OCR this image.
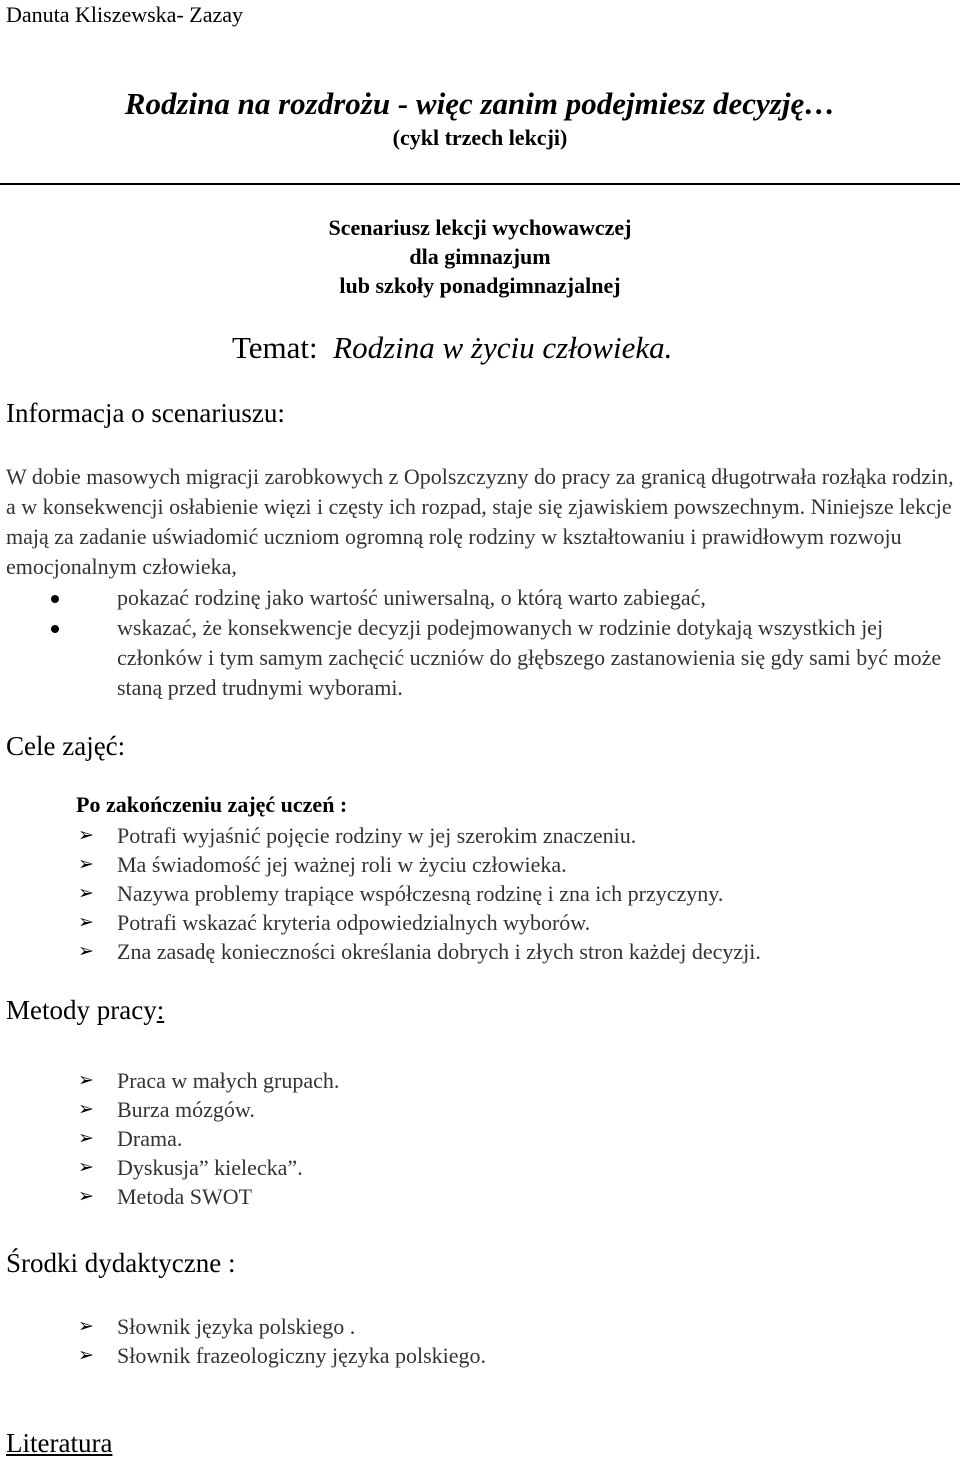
Danuta Kliszewska- Zazay
Rodzina na rozdrożu - więc zanim podejmiesz decyzję…
(cykl trzech lekcji)
Scenariusz lekcji wychowawczej
dla gimnazjum
lub szkoły ponadgimnazjalnej
Temat: Rodzina w życiu człowieka.
Informacja o scenariuszu:
W dobie masowych migracji zarobkowych z Opolszczyzny do pracy za granicą długotrwała rozłąka rodzin, a w konsekwencji osłabienie więzi i częsty ich rozpad, staje się zjawiskiem powszechnym. Niniejsze lekcje mają za zadanie uświadomić uczniom ogromną rolę rodziny w kształtowaniu i prawidłowym rozwoju emocjonalnym człowieka,
pokazać rodzinę jako wartość uniwersalną, o którą warto zabiegać,
wskazać, że konsekwencje decyzji podejmowanych w rodzinie dotykają wszystkich jej członków i tym samym zachęcić uczniów do głębszego zastanowienia się gdy sami być może staną przed trudnymi wyborami.
Cele zajęć:
Po zakończeniu zajęć uczeń :
➢ Potrafi wyjaśnić pojęcie rodziny w jej szerokim znaczeniu.
➢ Ma świadomość jej ważnej roli w życiu człowieka.
➢ Nazywa problemy trapiące współczesną rodzinę i zna ich przyczyny.
➢ Potrafi wskazać kryteria odpowiedzialnych wyborów.
➢ Zna zasadę konieczności określania dobrych i złych stron każdej decyzji.
Metody pracy:
➢ Praca w małych grupach.
➢ Burza mózgów.
➢ Drama.
➢ Dyskusja” kielecka”.
➢ Metoda SWOT
Środki dydaktyczne :
➢ Słownik języka polskiego .
➢ Słownik frazeologiczny języka polskiego.
Literatura
